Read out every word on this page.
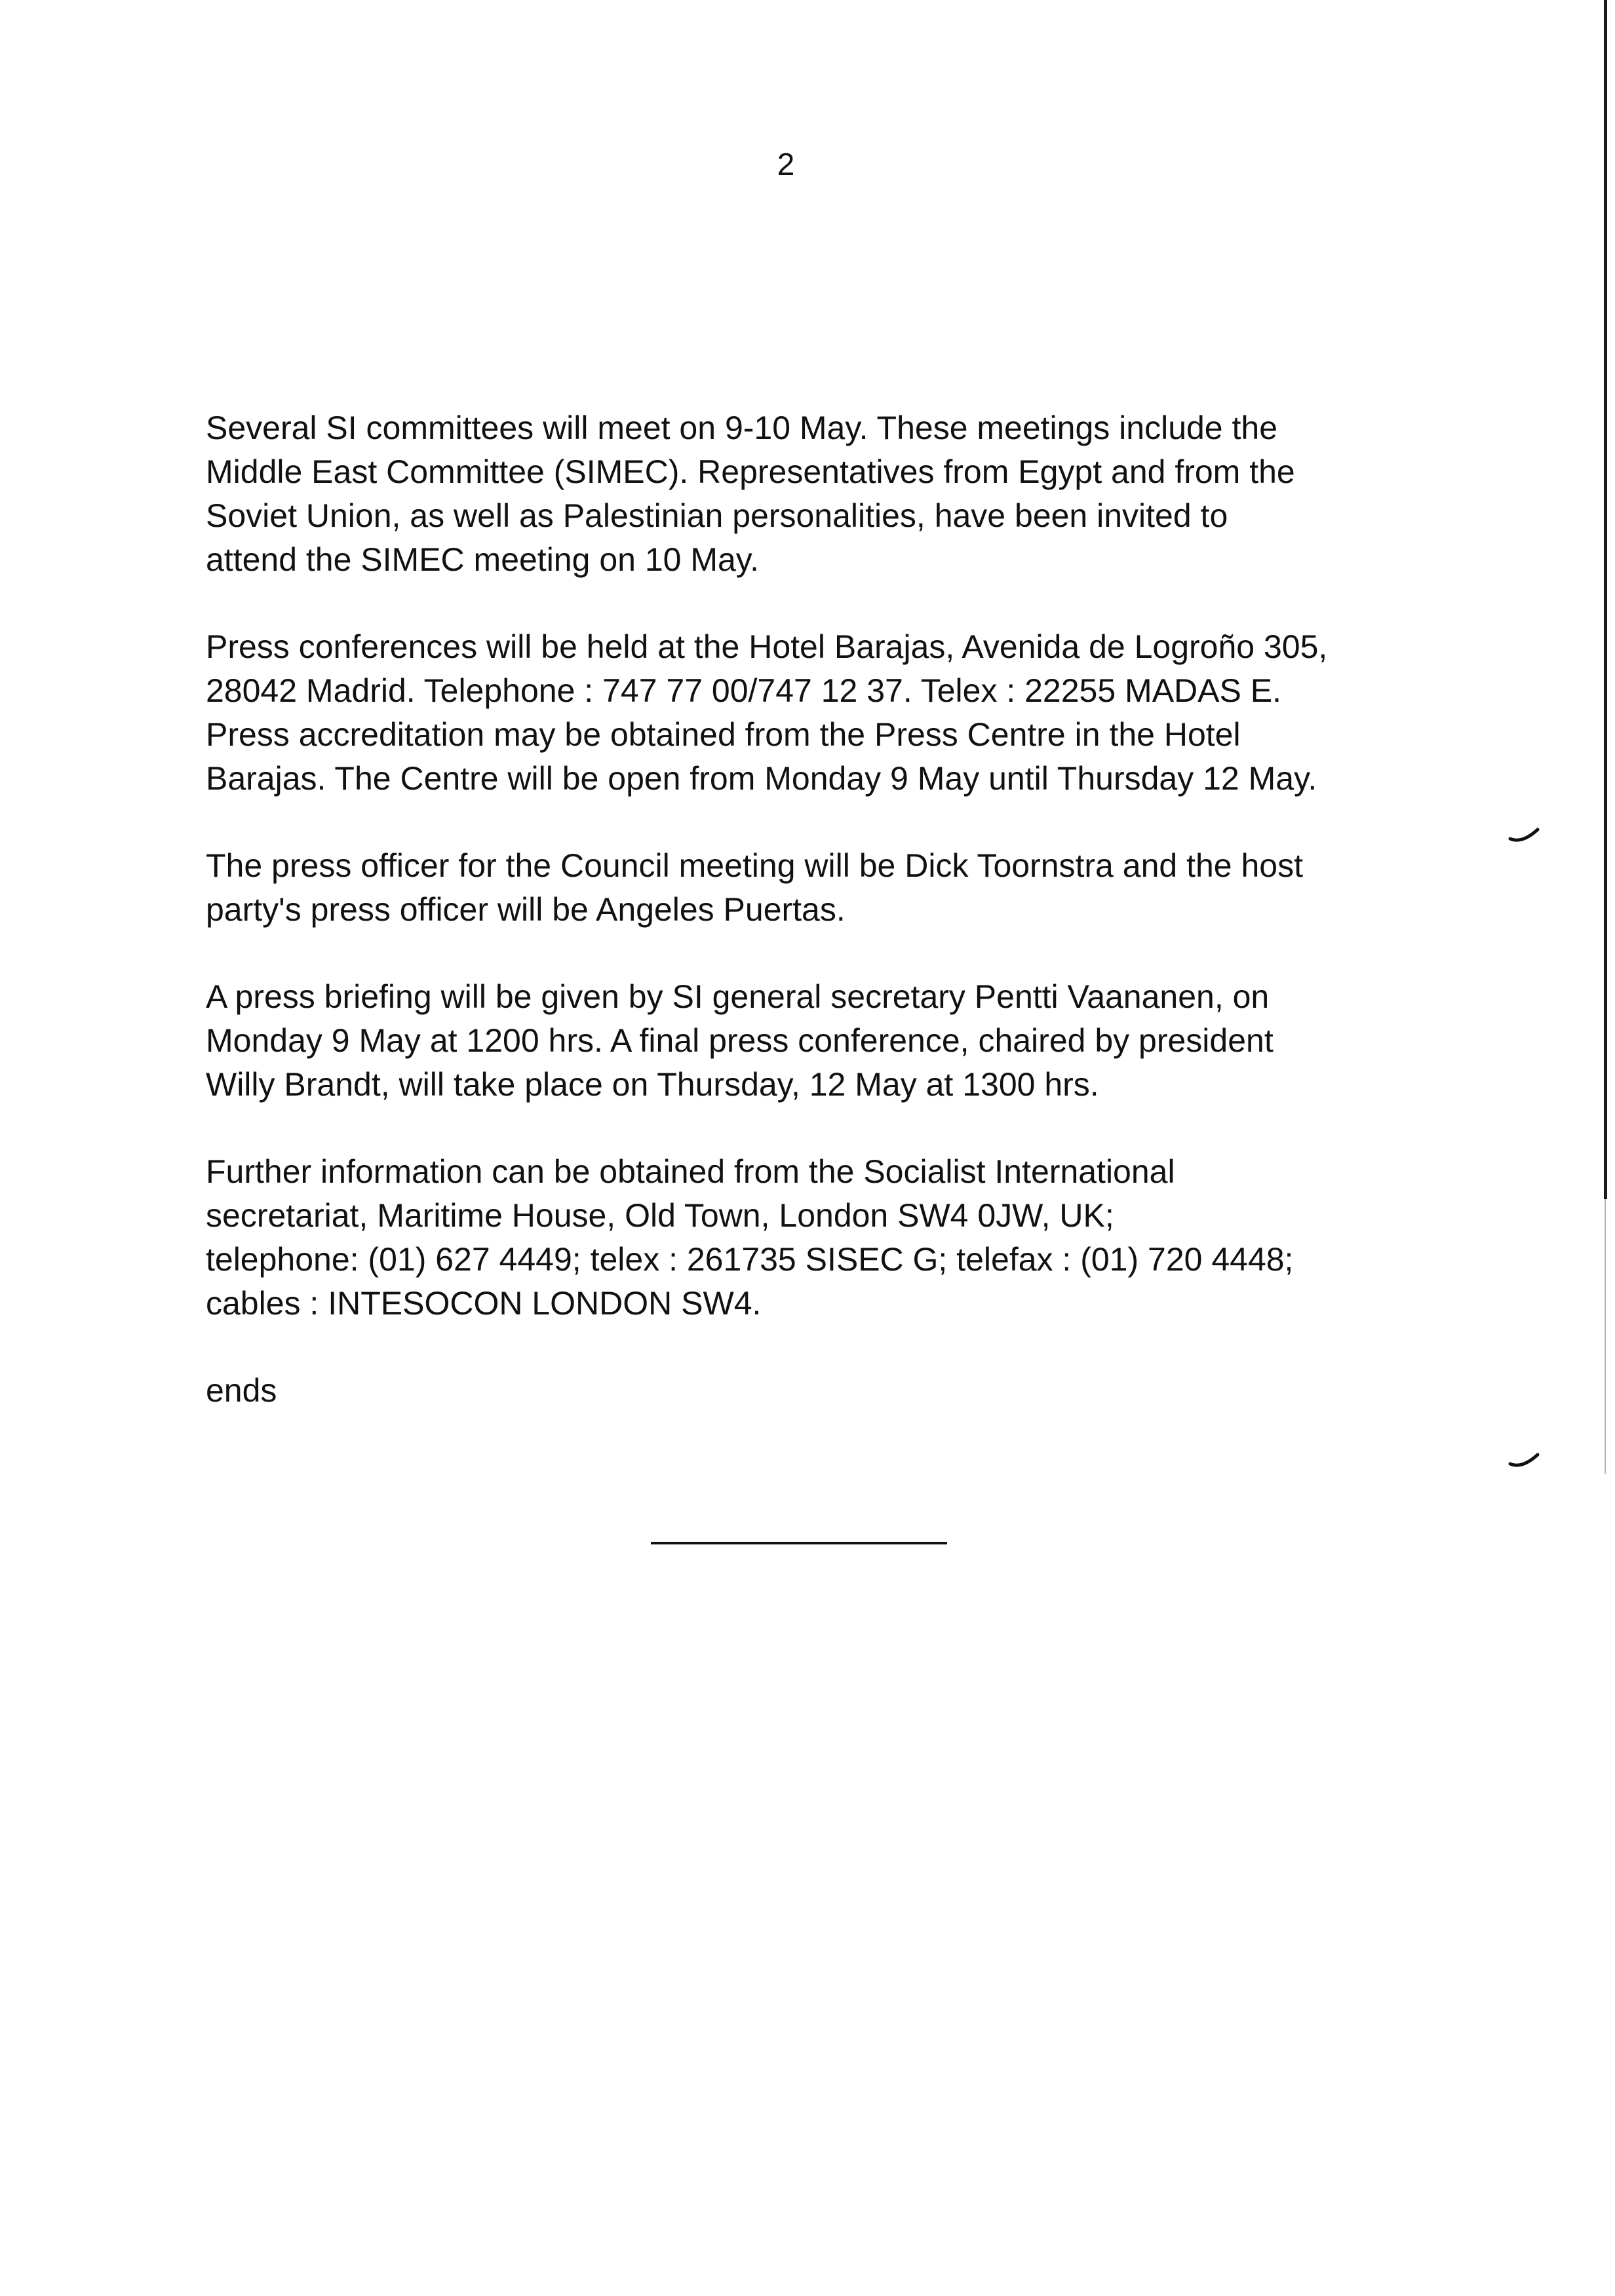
2
Several SI committees will meet on 9-10 May. These meetings include the
Middle East Committee (SIMEC). Representatives from Egypt and from the
Soviet Union, as well as Palestinian personalities, have been invited to
attend the SIMEC meeting on 10 May.
Press conferences will be held at the Hotel Barajas, Avenida de Logroño 305,
28042 Madrid. Telephone : 747 77 00/747 12 37. Telex : 22255 MADAS E.
Press accreditation may be obtained from the Press Centre in the Hotel
Barajas. The Centre will be open from Monday 9 May until Thursday 12 May.
The press officer for the Council meeting will be Dick Toornstra and the host
party's press officer will be Angeles Puertas.
A press briefing will be given by SI general secretary Pentti Vaananen, on
Monday 9 May at 1200 hrs. A final press conference, chaired by president
Willy Brandt, will take place on Thursday, 12 May at 1300 hrs.
Further information can be obtained from the Socialist International
secretariat, Maritime House, Old Town, London SW4 0JW, UK;
telephone: (01) 627 4449; telex : 261735 SISEC G; telefax : (01) 720 4448;
cables : INTESOCON LONDON SW4.

ends
